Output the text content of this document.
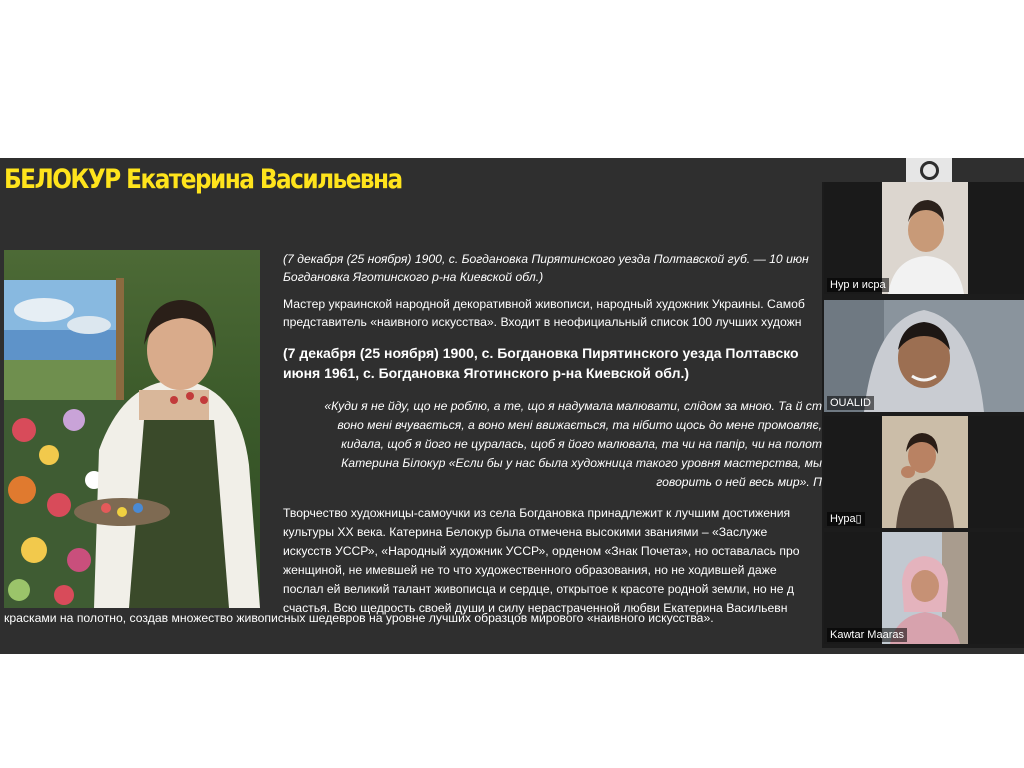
БЕЛОКУР Екатерина Васильевна

(7 декабря (25 ноября) 1900, с. Богдановка Пирятинского уезда Полтавской губ. — 10 июн
Богдановка Яготинского р-на Киевской обл.)

Мастер украинской народной декоративной живописи, народный художник Украины. Самоб
представитель «наивного искусства». Входит в неофициальный список 100 лучших художн

(7 декабря (25 ноября) 1900, с. Богдановка Пирятинского уезда Полтавско
июня 1961, с. Богдановка Яготинского р-на Киевской обл.)

«Куди я не йду, що не роблю, а те, що я надумала малювати, слідом за мною. Та й ст
воно мені вчувається, а воно мені ввижається, та нібито щось до мене промовляє,
кидала, щоб я його не цуралась, щоб я його малювала, та чи на папір, чи на полот
Катерина Білокур «Если бы у нас была художница такого уровня мастерства, мы
говорить о ней весь мир». П

Творчество художницы-самоучки из села Богдановка принадлежит к лучшим достижения
культуры XX века. Катерина Белокур была отмечена высокими званиями – «Заслуже
искусств УССР», «Народный художник УССР», орденом «Знак Почета», но оставалась про
женщиной, не имевшей не то что художественного образования, но не ходившей даже
послал ей великий талант живописца и сердце, открытое к красоте родной земли, но не д
счастья. Всю щедрость своей души и силу нерастраченной любви Екатерина Васильевн

красками на полотно, создав множество живописных шедевров на уровне лучших образцов мирового «наивного искусства».
Нур и исра
OUALID
Нура▯
Kawtar Maaras
